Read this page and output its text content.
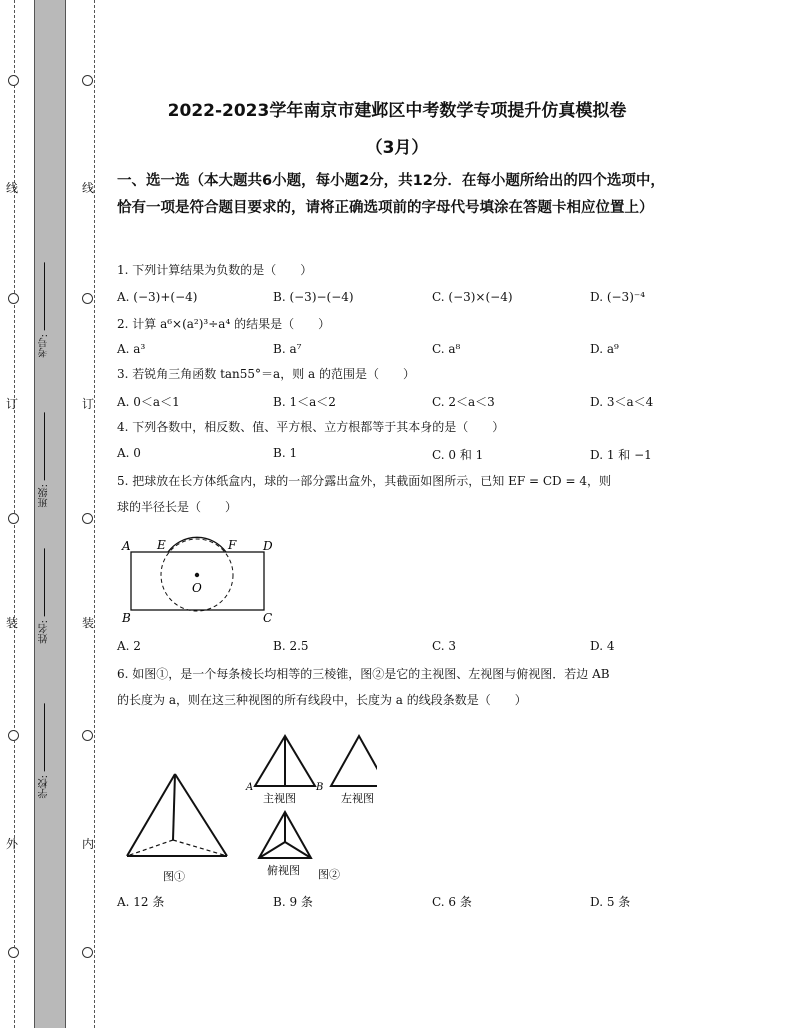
线
订
装
外
线
订
装
内
考号:
班级:
姓名:
学校:
2022-2023学年南京市建邺区中考数学专项提升仿真模拟卷
（3月）
一、选一选（本大题共6小题，每小题2分，共12分．在每小题所给出的四个选项中，恰有一项是符合题目要求的，请将正确选项前的字母代号填涂在答题卡相应位置上）
1. 下列计算结果为负数的是（　　）
A. (−3)+(−4)	B. (−3)−(−4)	C. (−3)×(−4)	D. (−3)⁻⁴
2. 计算 a⁶×(a²)³÷a⁴ 的结果是（　　）
A. a³	B. a⁷	C. a⁸	D. a⁹
3. 若锐角三角函数 tan55°＝a，则 a 的范围是（　　）
A. 0＜a＜1	B. 1＜a＜2	C. 2＜a＜3	D. 3＜a＜4
4. 下列各数中，相反数、值、平方根、立方根都等于其本身的是（　　）
A. 0	B. 1	C. 0 和 1	D. 1 和 −1
5. 把球放在长方体纸盒内，球的一部分露出盒外，其截面如图所示，已知 EF = CD = 4，则
球的半径长是（　　）
A E	F D
O
B	C
A. 2	B. 2.5	C. 3	D. 4
6. 如图①，是一个每条棱长均相等的三棱锥，图②是它的主视图、左视图与俯视图．若边 AB
的长度为 a，则在这三种视图的所有线段中，长度为 a 的线段条数是（　　）
图①
A	B
主视图	左视图
俯视图 图②
A. 12 条	B. 9 条	C. 6 条	D. 5 条
